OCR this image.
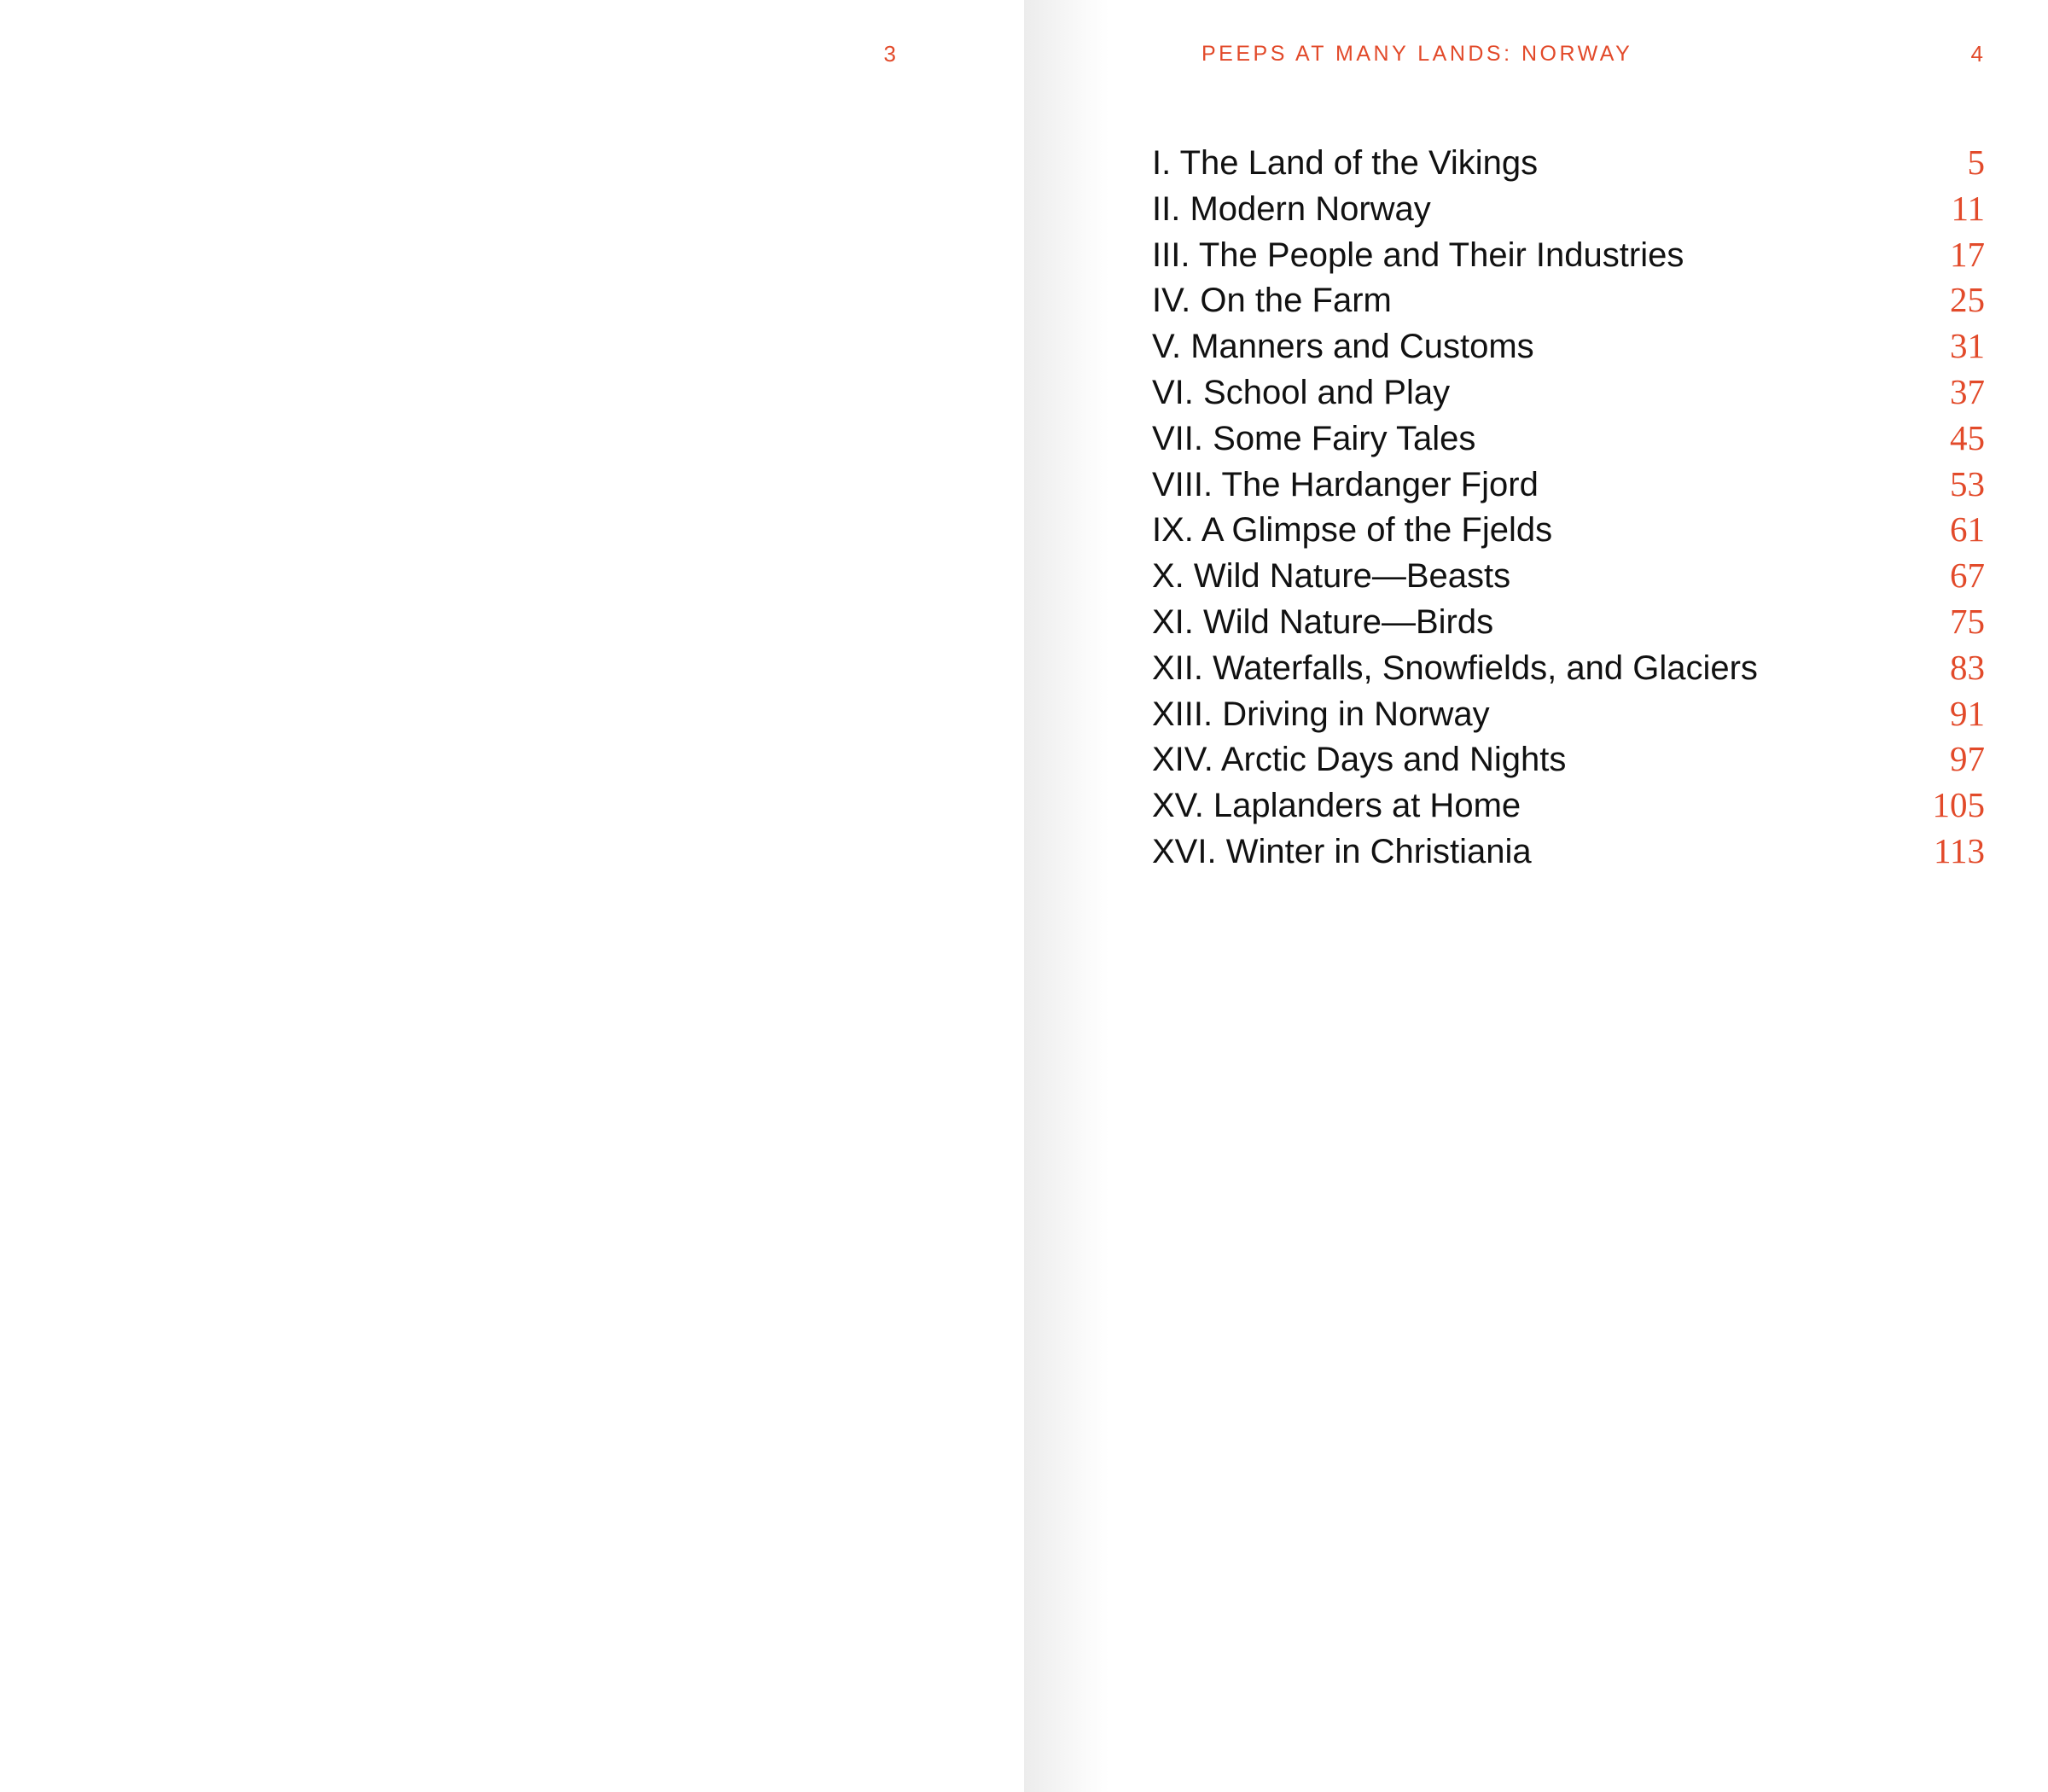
3	PEEPS AT MANY LANDS: NORWAY	4
I. The Land of the Vikings	5
II. Modern Norway	11
III. The People and Their Industries	17
IV. On the Farm	25
V. Manners and Customs	31
VI. School and Play	37
VII. Some Fairy Tales	45
VIII. The Hardanger Fjord	53
IX. A Glimpse of the Fjelds	61
X. Wild Nature—Beasts	67
XI. Wild Nature—Birds	75
XII. Waterfalls, Snowfields, and Glaciers	83
XIII. Driving in Norway	91
XIV. Arctic Days and Nights	97
XV. Laplanders at Home	105
XVI. Winter in Christiania	113
